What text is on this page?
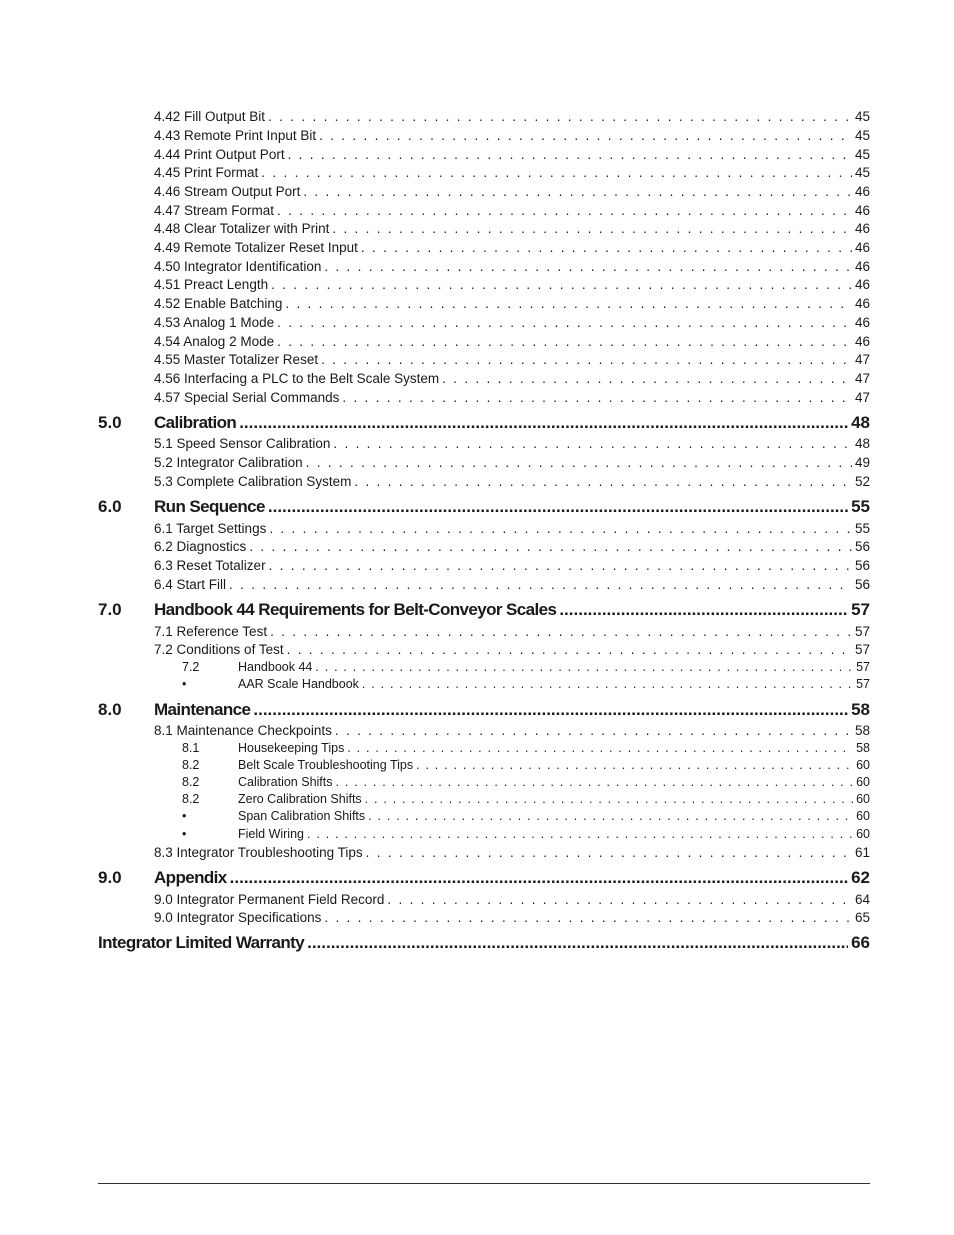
4.42 Fill Output Bit . . .	45
4.43 Remote Print Input Bit . . .	45
4.44 Print Output Port . . .	45
4.45 Print Format . . .	45
4.46 Stream Output Port . . .	46
4.47 Stream Format . . .	46
4.48 Clear Totalizer with Print . . .	46
4.49 Remote Totalizer Reset Input . . .	46
4.50 Integrator Identification . . .	46
4.51 Preact Length . . .	46
4.52 Enable Batching . . .	46
4.53 Analog 1 Mode . . .	46
4.54 Analog 2 Mode . . .	46
4.55 Master Totalizer Reset . . .	47
4.56 Interfacing a PLC to the Belt Scale System . . .	47
4.57 Special Serial Commands . . .	47
5.0	Calibration .....	48
5.1 Speed Sensor Calibration . . .	48
5.2 Integrator Calibration . . .	49
5.3 Complete Calibration System . . .	52
6.0	Run Sequence .....	55
6.1 Target Settings . . .	55
6.2 Diagnostics . . .	56
6.3 Reset Totalizer . . .	56
6.4 Start Fill . . .	56
7.0	Handbook 44 Requirements for Belt-Conveyor Scales .....	57
7.1 Reference Test . . .	57
7.2 Conditions of Test . . .	57
7.2	Handbook 44 . . .	57
•	AAR Scale Handbook . . .	57
8.0	Maintenance .....	58
8.1 Maintenance Checkpoints . . .	58
8.1	Housekeeping Tips . . .	58
8.2	Belt Scale Troubleshooting Tips . . .	60
8.2	Calibration Shifts . . .	60
8.2	Zero Calibration Shifts . . .	60
•	Span Calibration Shifts . . .	60
•	Field Wiring . . .	60
8.3 Integrator Troubleshooting Tips . . .	61
9.0	Appendix .....	62
9.0 Integrator Permanent Field Record . . .	64
9.0 Integrator Specifications . . .	65
Integrator Limited Warranty .....	66
